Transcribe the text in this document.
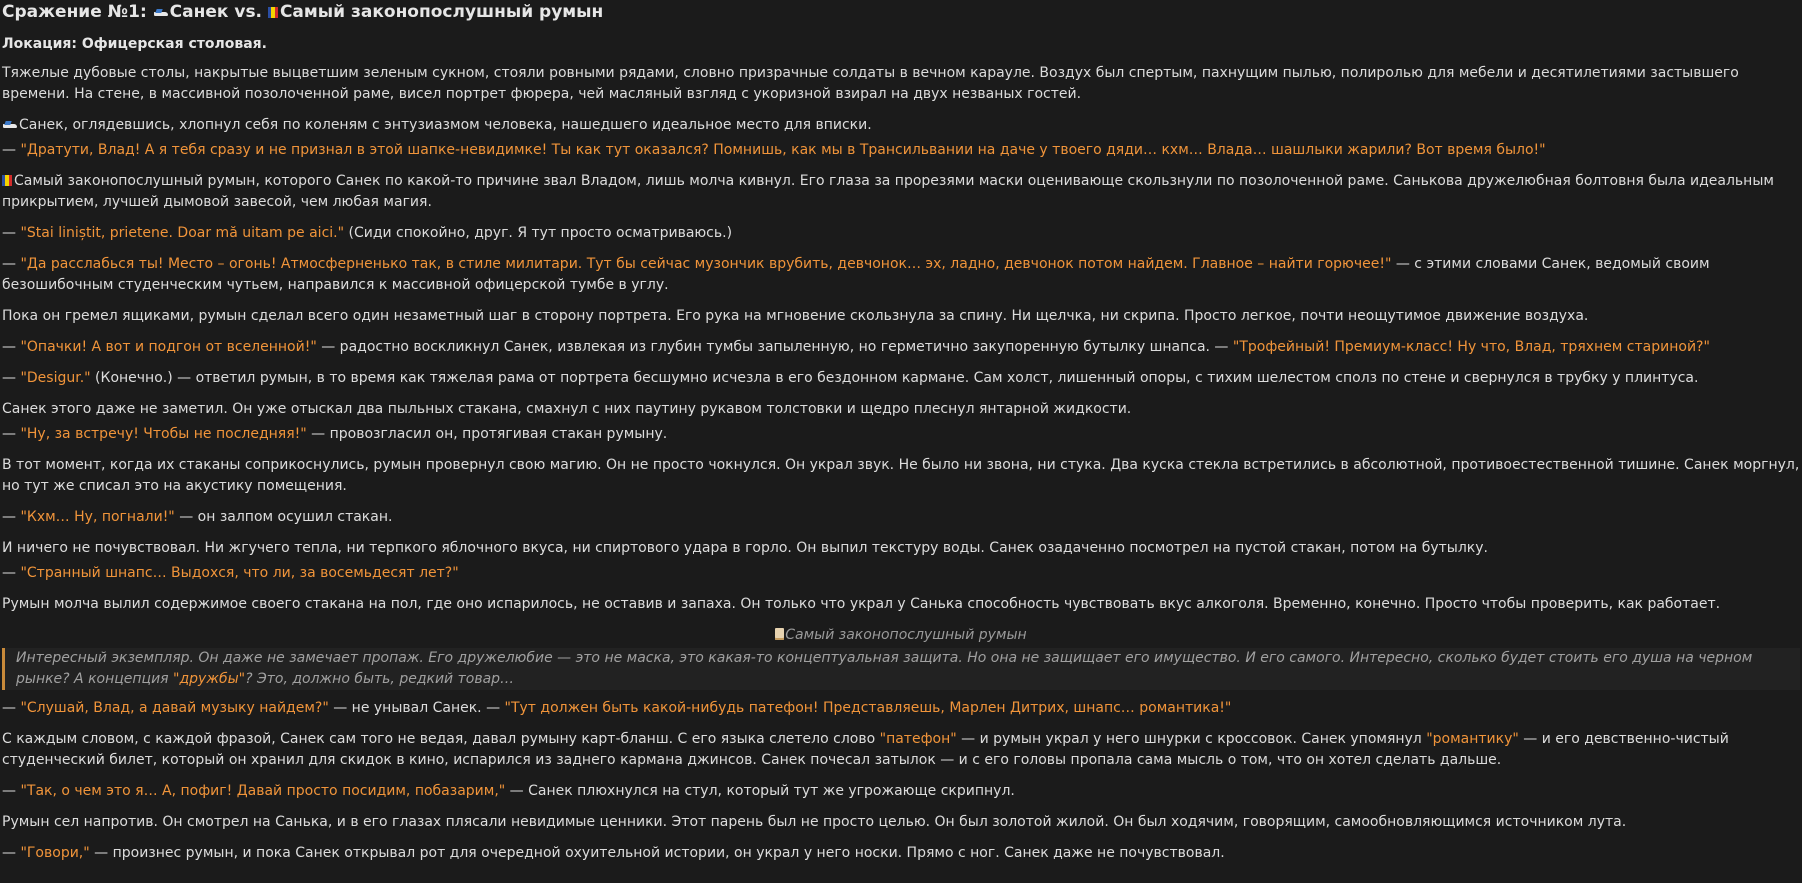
Сражение №1: Санек vs. Самый законопослушный румын
Локация: Офицерская столовая.

Тяжелые дубовые столы, накрытые выцветшим зеленым сукном, стояли ровными рядами, словно призрачные солдаты в вечном карауле. Воздух был спертым, пахнущим пылью, полиролью для мебели и десятилетиями застывшего времени. На стене, в массивной позолоченной раме, висел портрет фюрера, чей масляный взгляд с укоризной взирал на двух незваных гостей.

Санек, оглядевшись, хлопнул себя по коленям с энтузиазмом человека, нашедшего идеальное место для вписки.

— "Дратути, Влад! А я тебя сразу и не признал в этой шапке-невидимке! Ты как тут оказался? Помнишь, как мы в Трансильвании на даче у твоего дяди… кхм… Влада… шашлыки жарили? Вот время было!"

Самый законопослушный румын, которого Санек по какой-то причине звал Владом, лишь молча кивнул. Его глаза за прорезями маски оценивающе скользнули по позолоченной раме. Санькова дружелюбная болтовня была идеальным прикрытием, лучшей дымовой завесой, чем любая магия.

— "Stai liniștit, prietene. Doar mă uitam pe aici." (Сиди спокойно, друг. Я тут просто осматриваюсь.)

— "Да расслабься ты! Место – огонь! Атмосферненько так, в стиле милитари. Тут бы сейчас музончик врубить, девчонок… эх, ладно, девчонок потом найдем. Главное – найти горючее!" — с этими словами Санек, ведомый своим безошибочным студенческим чутьем, направился к массивной офицерской тумбе в углу.

Пока он гремел ящиками, румын сделал всего один незаметный шаг в сторону портрета. Его рука на мгновение скользнула за спину. Ни щелчка, ни скрипа. Просто легкое, почти неощутимое движение воздуха.

— "Опачки! А вот и подгон от вселенной!" — радостно воскликнул Санек, извлекая из глубин тумбы запыленную, но герметично закупоренную бутылку шнапса. — "Трофейный! Премиум-класс! Ну что, Влад, тряхнем стариной?"

— "Desigur." (Конечно.) — ответил румын, в то время как тяжелая рама от портрета бесшумно исчезла в его бездонном кармане. Сам холст, лишенный опоры, с тихим шелестом сполз по стене и свернулся в трубку у плинтуса.

Санек этого даже не заметил. Он уже отыскал два пыльных стакана, смахнул с них паутину рукавом толстовки и щедро плеснул янтарной жидкости.

— "Ну, за встречу! Чтобы не последняя!" — провозгласил он, протягивая стакан румыну.

В тот момент, когда их стаканы соприкоснулись, румын провернул свою магию. Он не просто чокнулся. Он украл звук. Не было ни звона, ни стука. Два куска стекла встретились в абсолютной, противоестественной тишине. Санек моргнул, но тут же списал это на акустику помещения.

— "Кхм… Ну, погнали!" — он залпом осушил стакан.

И ничего не почувствовал. Ни жгучего тепла, ни терпкого яблочного вкуса, ни спиртового удара в горло. Он выпил текстуру воды. Санек озадаченно посмотрел на пустой стакан, потом на бутылку.

— "Странный шнапс… Выдохся, что ли, за восемьдесят лет?"

Румын молча вылил содержимое своего стакана на пол, где оно испарилось, не оставив и запаха. Он только что украл у Санька способность чувствовать вкус алкоголя. Временно, конечно. Просто чтобы проверить, как работает.

Самый законопослушный румын
Интересный экземпляр. Он даже не замечает пропаж. Его дружелюбие — это не маска, это какая-то концептуальная защита. Но она не защищает его имущество. И его самого. Интересно, сколько будет стоить его душа на черном рынке? А концепция "дружбы"? Это, должно быть, редкий товар…

— "Слушай, Влад, а давай музыку найдем?" — не унывал Санек. — "Тут должен быть какой-нибудь патефон! Представляешь, Марлен Дитрих, шнапс… романтика!"

С каждым словом, с каждой фразой, Санек сам того не ведая, давал румыну карт-бланш. С его языка слетело слово "патефон" — и румын украл у него шнурки с кроссовок. Санек упомянул "романтику" — и его девственно-чистый студенческий билет, который он хранил для скидок в кино, испарился из заднего кармана джинсов. Санек почесал затылок — и с его головы пропала сама мысль о том, что он хотел сделать дальше.

— "Так, о чем это я… А, пофиг! Давай просто посидим, побазарим," — Санек плюхнулся на стул, который тут же угрожающе скрипнул.

Румын сел напротив. Он смотрел на Санька, и в его глазах плясали невидимые ценники. Этот парень был не просто целью. Он был золотой жилой. Он был ходячим, говорящим, самообновляющимся источником лута.

— "Говори," — произнес румын, и пока Санек открывал рот для очередной охуительной истории, он украл у него носки. Прямо с ног. Санек даже не почувствовал.
